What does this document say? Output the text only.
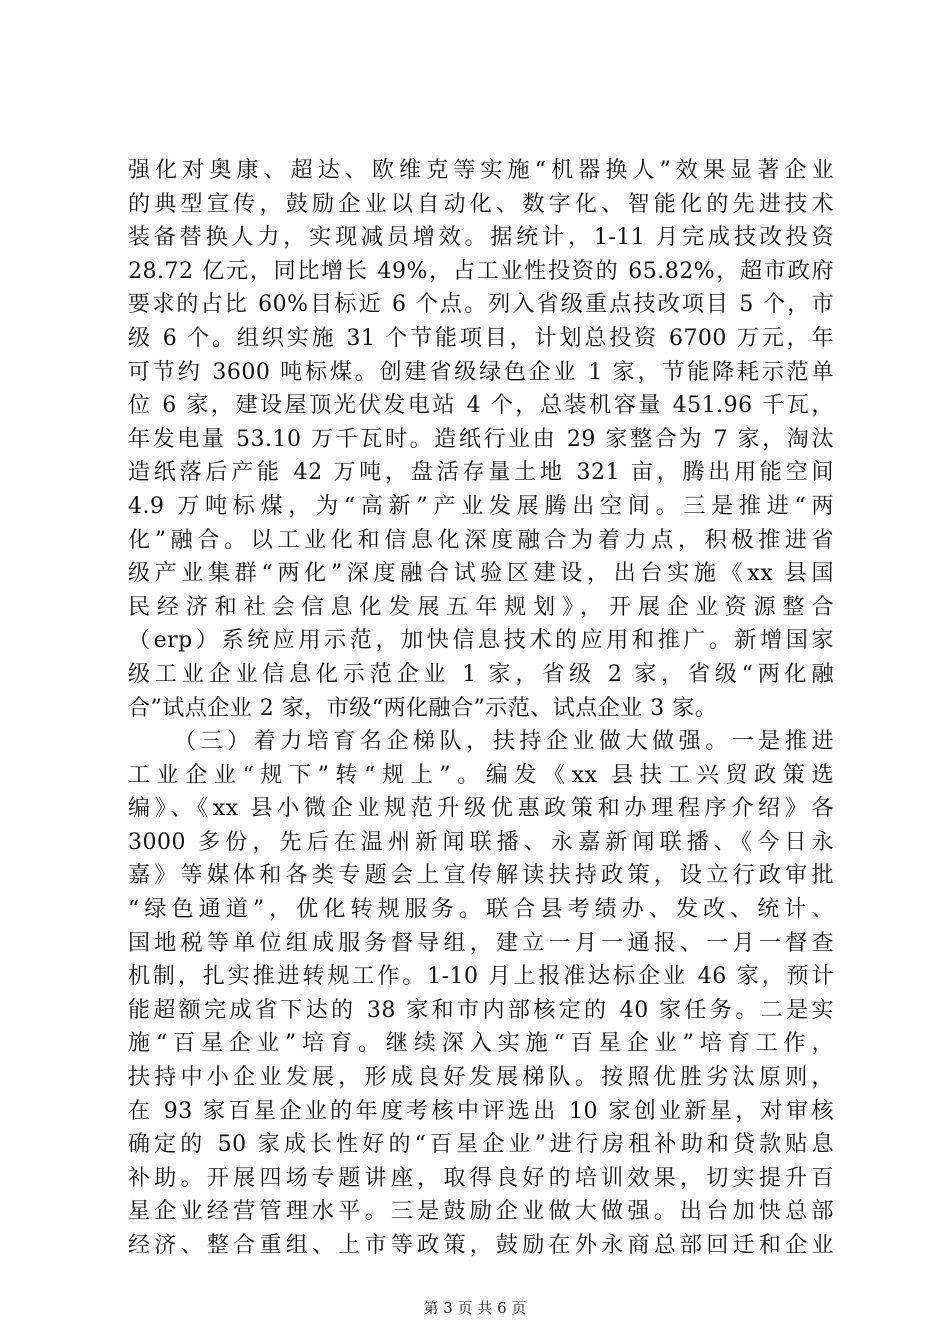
强化对奥康、超达、欧维克等实施“机器换人”效果显著企业
的典型宣传，鼓励企业以自动化、数字化、智能化的先进技术
装备替换人力，实现减员增效。据统计，1-11 月完成技改投资
28.72 亿元，同比增长 49%，占工业性投资的 65.82%，超市政府
要求的占比 60%目标近 6 个点。列入省级重点技改项目 5 个，市
级 6 个。组织实施 31 个节能项目，计划总投资 6700 万元，年
可节约 3600 吨标煤。创建省级绿色企业 1 家，节能降耗示范单
位 6 家，建设屋顶光伏发电站 4 个，总装机容量 451.96 千瓦，
年发电量 53.10 万千瓦时。造纸行业由 29 家整合为 7 家，淘汰
造纸落后产能 42 万吨，盘活存量土地 321 亩，腾出用能空间
4.9 万吨标煤，为“高新”产业发展腾出空间。三是推进“两
化”融合。以工业化和信息化深度融合为着力点，积极推进省
级产业集群“两化”深度融合试验区建设，出台实施《xx 县国
民经济和社会信息化发展五年规划》，开展企业资源整合
（erp）系统应用示范，加快信息技术的应用和推广。新增国家
级工业企业信息化示范企业 1 家，省级 2 家，省级“两化融
合”试点企业 2 家，市级“两化融合”示范、试点企业 3 家。
（三）着力培育名企梯队，扶持企业做大做强。一是推进
工业企业“规下”转“规上”。编发《xx 县扶工兴贸政策选
编》、《xx 县小微企业规范升级优惠政策和办理程序介绍》各
3000 多份，先后在温州新闻联播、永嘉新闻联播、《今日永
嘉》等媒体和各类专题会上宣传解读扶持政策，设立行政审批
“绿色通道”，优化转规服务。联合县考绩办、发改、统计、
国地税等单位组成服务督导组，建立一月一通报、一月一督查
机制，扎实推进转规工作。1-10 月上报准达标企业 46 家，预计
能超额完成省下达的 38 家和市内部核定的 40 家任务。二是实
施“百星企业”培育。继续深入实施“百星企业”培育工作，
扶持中小企业发展，形成良好发展梯队。按照优胜劣汰原则，
在 93 家百星企业的年度考核中评选出 10 家创业新星，对审核
确定的 50 家成长性好的“百星企业”进行房租补助和贷款贴息
补助。开展四场专题讲座，取得良好的培训效果，切实提升百
星企业经营管理水平。三是鼓励企业做大做强。出台加快总部
经济、整合重组、上市等政策，鼓励在外永商总部回迁和企业
第 3 页 共 6 页
